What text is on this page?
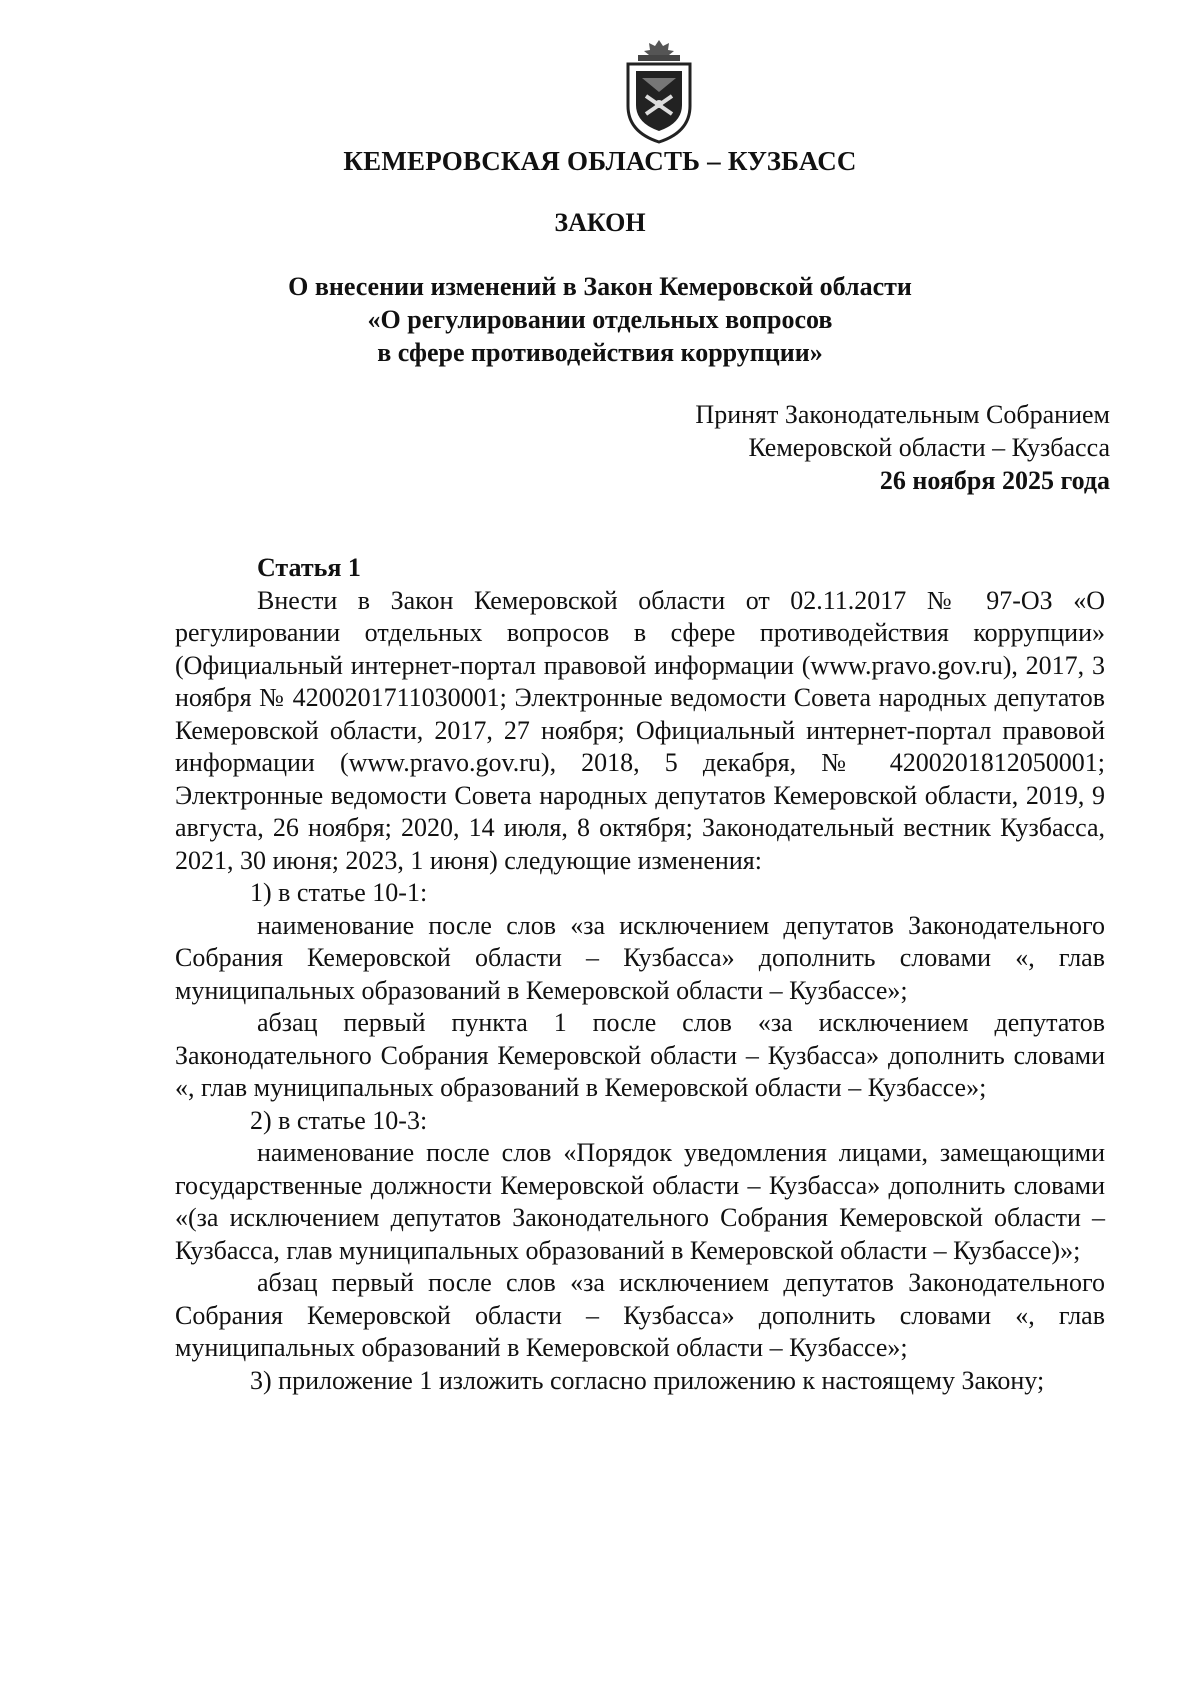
КЕМЕРОВСКАЯ ОБЛАСТЬ – КУЗБАСС
ЗАКОН
О внесении изменений в Закон Кемеровской области
«О регулировании отдельных вопросов
в сфере противодействия коррупции»
Принят Законодательным Собранием
Кемеровской области – Кузбасса
26 ноября 2025 года

Статья 1

Внести в Закон Кемеровской области от 02.11.2017 № 97-ОЗ «О регулировании отдельных вопросов в сфере противодействия коррупции» (Официальный интернет-портал правовой информации (www.pravo.gov.ru), 2017, 3 ноября № 4200201711030001; Электронные ведомости Совета народных депутатов Кемеровской области, 2017, 27 ноября; Официальный интернет-портал правовой информации (www.pravo.gov.ru), 2018, 5 декабря, № 4200201812050001; Электронные ведомости Совета народных депутатов Кемеровской области, 2019, 9 августа, 26 ноября; 2020, 14 июля, 8 октября; Законодательный вестник Кузбасса, 2021, 30 июня; 2023, 1 июня) следующие изменения:

1) в статье 10-1:

наименование после слов «за исключением депутатов Законодательного Собрания Кемеровской области – Кузбасса» дополнить словами «, глав муниципальных образований в Кемеровской области – Кузбассе»;

абзац первый пункта 1 после слов «за исключением депутатов Законодательного Собрания Кемеровской области – Кузбасса» дополнить словами «, глав муниципальных образований в Кемеровской области – Кузбассе»;

2) в статье 10-3:

наименование после слов «Порядок уведомления лицами, замещающими государственные должности Кемеровской области – Кузбасса» дополнить словами «(за исключением депутатов Законодательного Собрания Кемеровской области – Кузбасса, глав муниципальных образований в Кемеровской области – Кузбассе)»;

абзац первый после слов «за исключением депутатов Законодательного Собрания Кемеровской области – Кузбасса» дополнить словами «, глав муниципальных образований в Кемеровской области – Кузбассе»;

3) приложение 1 изложить согласно приложению к настоящему Закону;
